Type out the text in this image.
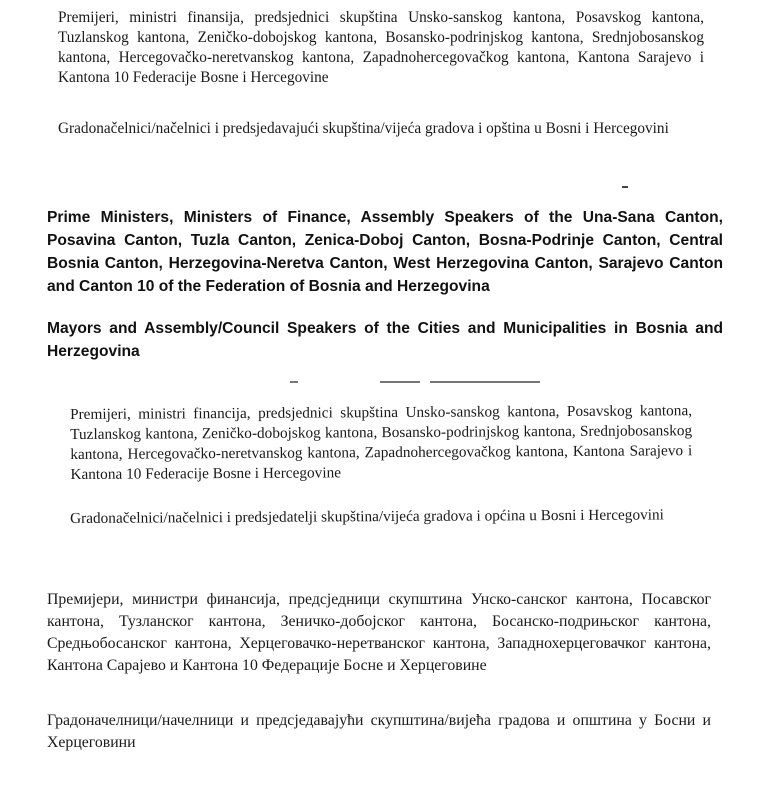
Premijeri, ministri finansija, predsjednici skupština Unsko-sanskog kantona, Posavskog kantona, Tuzlanskog kantona, Zeničko-dobojskog kantona, Bosansko-podrinjskog kantona, Srednjobosanskog kantona, Hercegovačko-neretvanskog kantona, Zapadnohercegovačkog kantona, Kantona Sarajevo i Kantona 10 Federacije Bosne i Hercegovine

Gradonačelnici/načelnici i predsjedavajući skupština/vijeća gradova i opština u Bosni i Hercegovini

Prime Ministers, Ministers of Finance, Assembly Speakers of the Una-Sana Canton, Posavina Canton, Tuzla Canton, Zenica-Doboj Canton, Bosna-Podrinje Canton, Central Bosnia Canton, Herzegovina-Neretva Canton, West Herzegovina Canton, Sarajevo Canton and Canton 10 of the Federation of Bosnia and Herzegovina

Mayors and Assembly/Council Speakers of the Cities and Municipalities in Bosnia and Herzegovina

Premijeri, ministri financija, predsjednici skupština Unsko-sanskog kantona, Posavskog kantona, Tuzlanskog kantona, Zeničko-dobojskog kantona, Bosansko-podrinjskog kantona, Srednjobosanskog kantona, Hercegovačko-neretvanskog kantona, Zapadnohercegovačkog kantona, Kantona Sarajevo i Kantona 10 Federacije Bosne i Hercegovine

Gradonačelnici/načelnici i predsjedatelji skupština/vijeća gradova i općina u Bosni i Hercegovini

Премијери, министри финансија, предсједници скупштина Унско-санског кантона, Посавског кантона, Тузланског кантона, Зеничко-добојског кантона, Босанско-подрињског кантона, Средњобосанског кантона, Херцеговачко-неретванског кантона, Западнохерцеговачког кантона, Кантона Сарајево и Кантона 10 Федерације Босне и Херцеговине

Градоначелници/начелници и предсједавајући скупштина/вијећа градова и општина у Босни и Херцеговини
